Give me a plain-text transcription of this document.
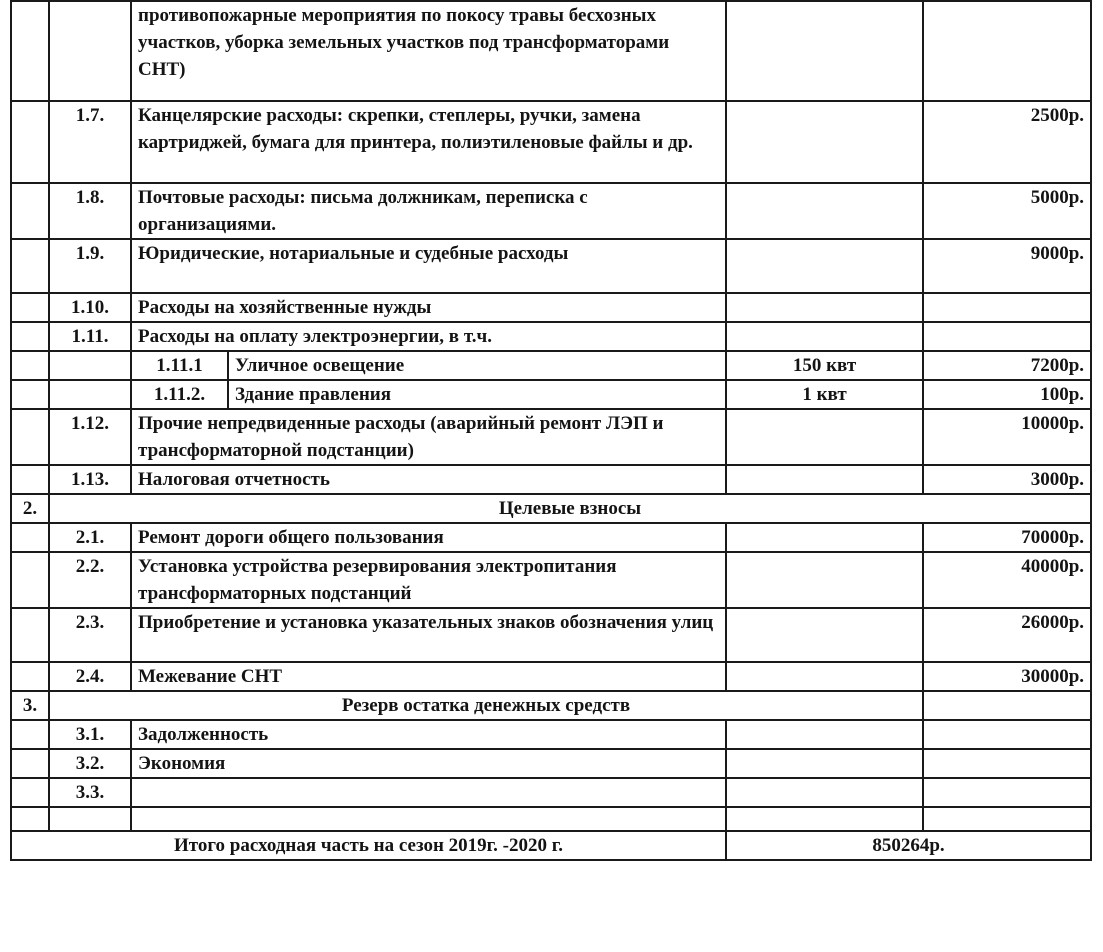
		противопожарные мероприятия по покосу травы бесхозных участков, уборка земельных участков под трансформаторами СНТ)			
	1.7.	Канцелярские расходы: скрепки, степлеры, ручки, замена картриджей, бумага для принтера, полиэтиленовые файлы и др.			2500р.
	1.8.	Почтовые расходы: письма должникам, переписка с организациями.			5000р.
	1.9.	Юридические, нотариальные и судебные расходы			9000р.
	1.10.	Расходы на хозяйственные нужды			
	1.11.	Расходы на оплату электроэнергии, в т.ч.			
		1.11.1	Уличное освещение	150 квт	7200р.
		1.11.2.	Здание правления	1 квт	100р.
	1.12.	Прочие непредвиденные расходы (аварийный ремонт ЛЭП и трансформаторной подстанции)			10000р.
	1.13.	Налоговая отчетность			3000р.
2.	Целевые взносы				
	2.1.	Ремонт дороги общего пользования			70000р.
	2.2.	Установка устройства резервирования электропитания трансформаторных подстанций			40000р.
	2.3.	Приобретение и установка указательных знаков обозначения улиц			26000р.
	2.4.	Межевание СНТ			30000р.
3.	Резерв остатка денежных средств				
	3.1.	Задолженность			
	3.2.	Экономия			
	3.3.				

Итого расходная часть на сезон 2019г. -2020 г.				850264р.	
